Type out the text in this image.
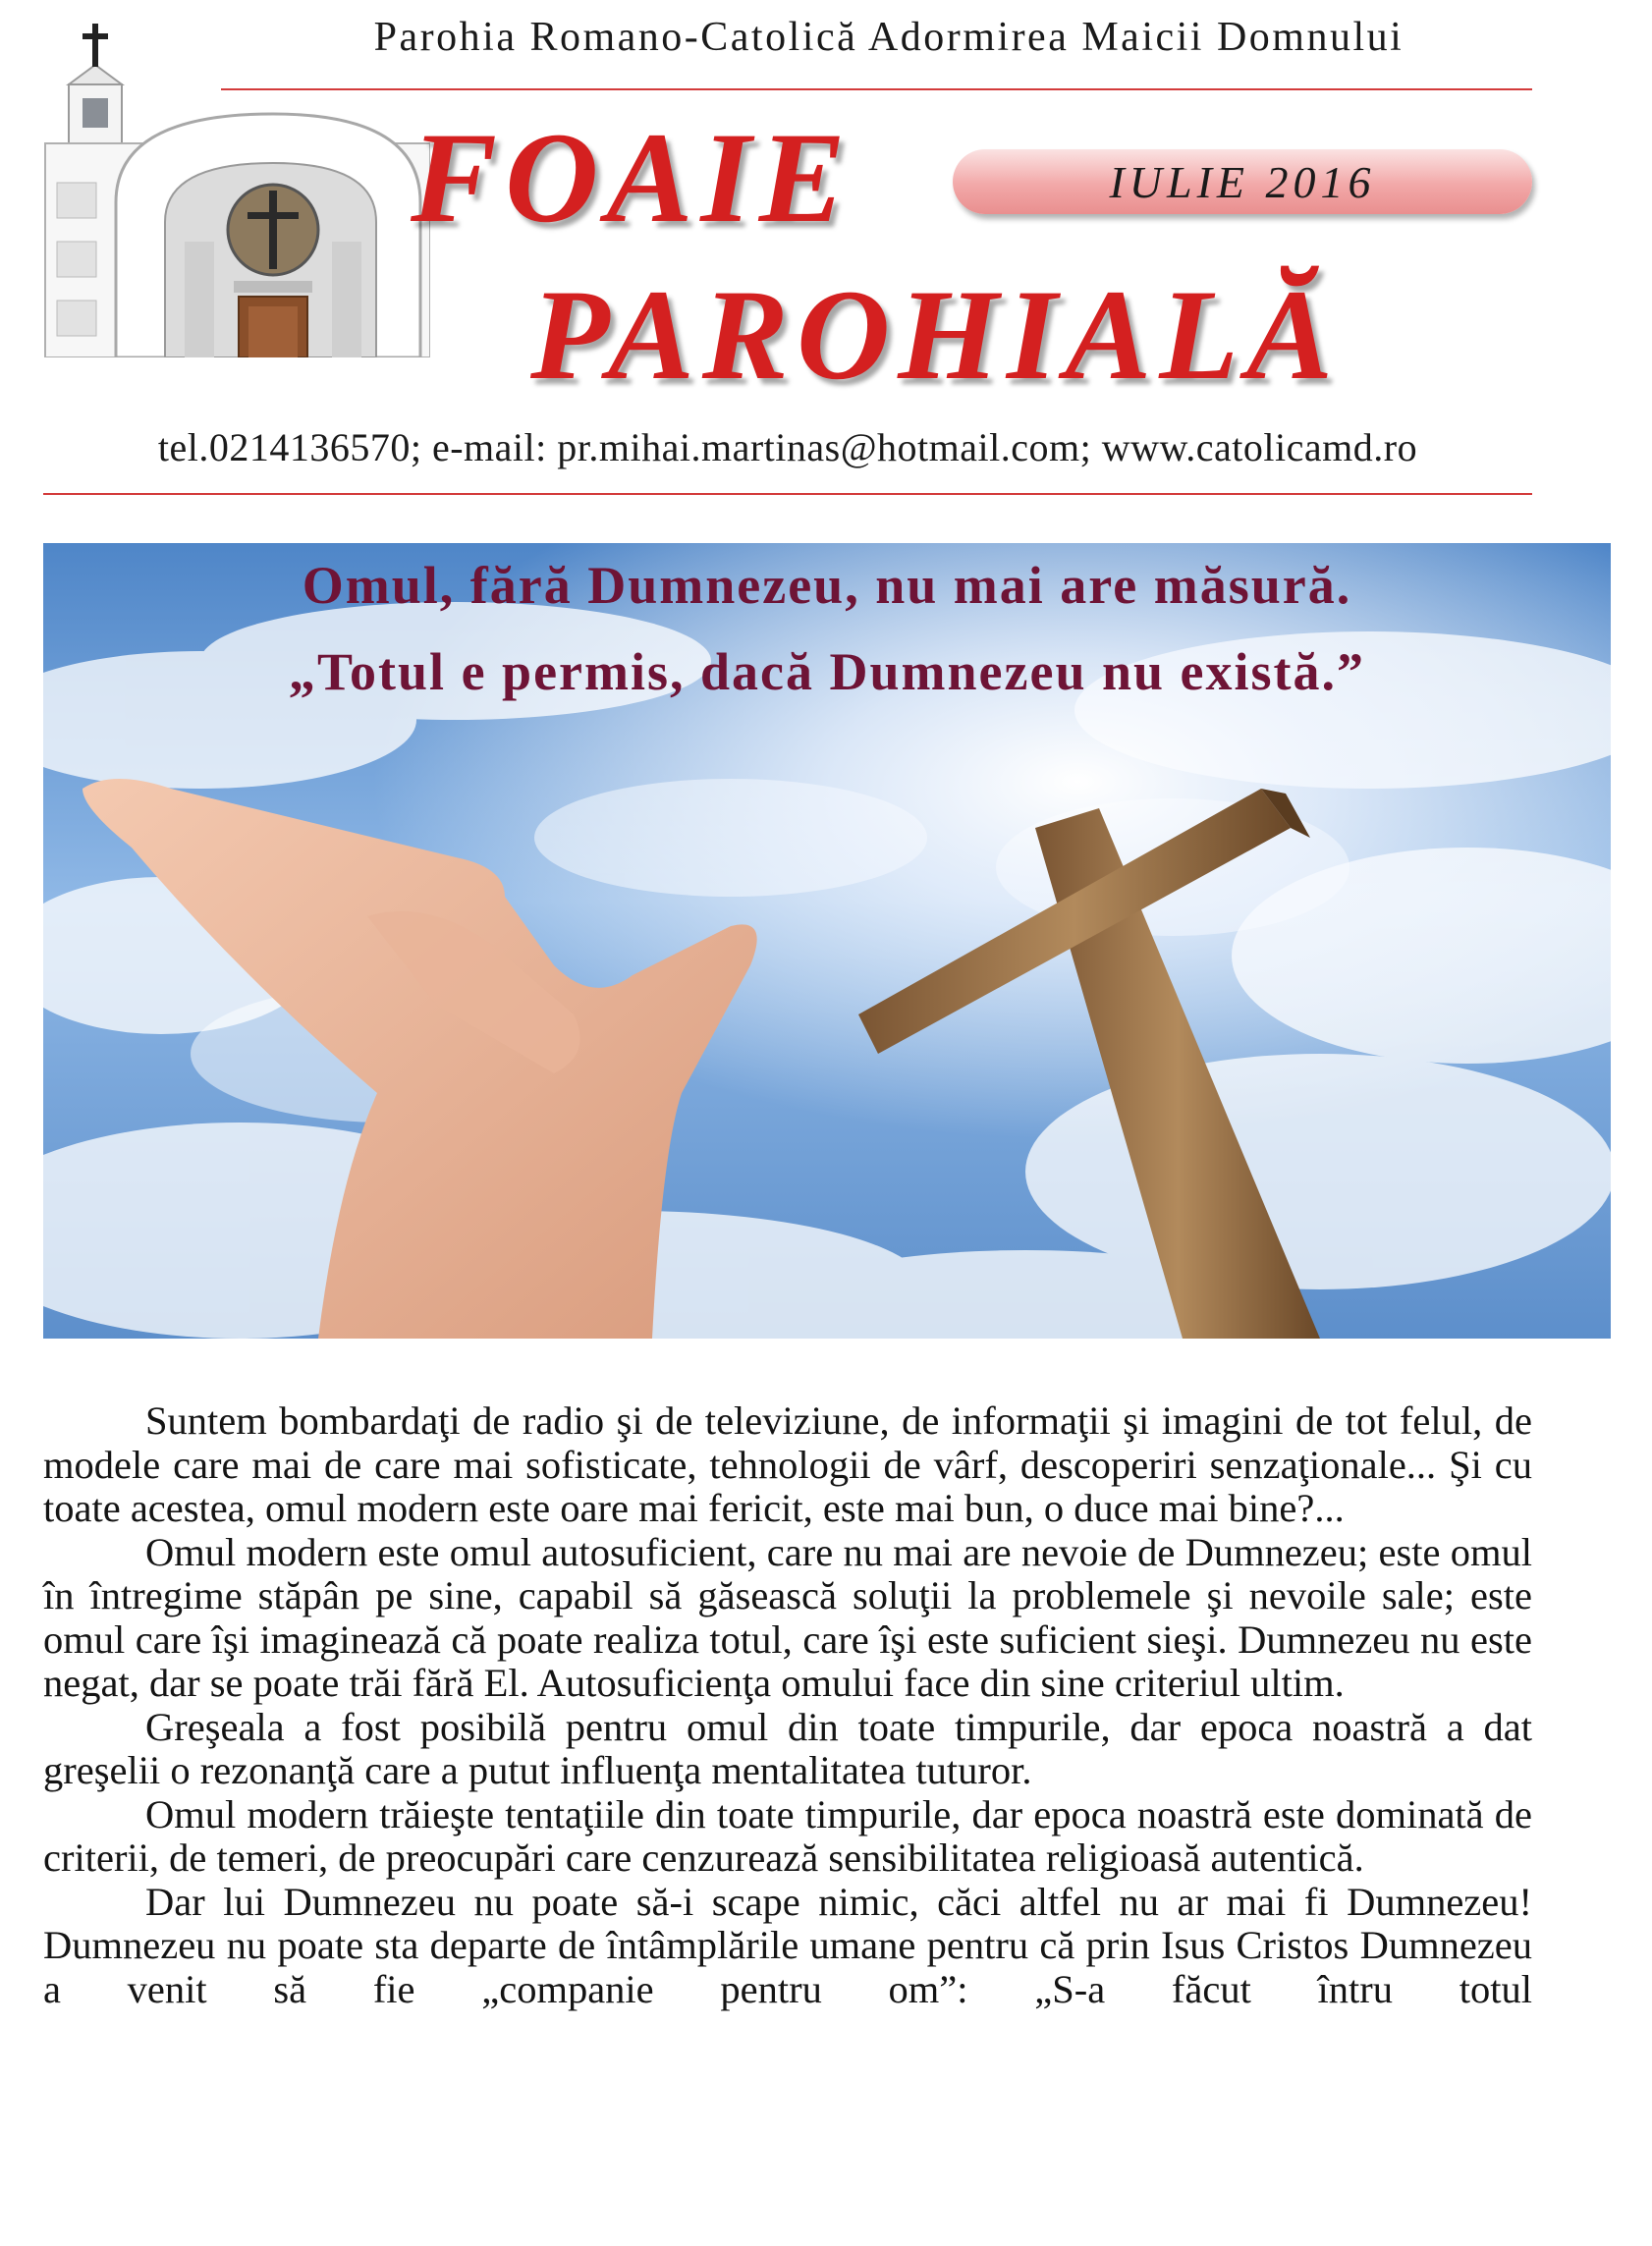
Parohia Romano-Catolică Adormirea Maicii Domnului
FOAIE
PAROHIALĂ
IULIE 2016
tel.0214136570; e-mail: pr.mihai.martinas@hotmail.com; www.catolicamd.ro
Omul, fără Dumnezeu, nu mai are măsură.
„Totul e permis, dacă Dumnezeu nu există.”

Suntem bombardaţi de radio şi de televiziune, de informaţii şi imagini de tot felul, de modele care mai de care mai sofisticate, tehnologii de vârf, descoperiri senzaţionale... Şi cu toate acestea, omul modern este oare mai fericit, este mai bun, o duce mai bine?...

Omul modern este omul autosuficient, care nu mai are nevoie de Dumnezeu; este omul în întregime stăpân pe sine, capabil să găsească soluţii la problemele şi nevoile sale; este omul care îşi imaginează că poate realiza totul, care îşi este suficient sieşi. Dumnezeu nu este negat, dar se poate trăi fără El. Autosuficienţa omului face din sine criteriul ultim.

Greşeala a fost posibilă pentru omul din toate timpurile, dar epoca noastră a dat greşelii o rezonanţă care a putut influenţa mentalitatea tuturor.

Omul modern trăieşte tentaţiile din toate timpurile, dar epoca noastră este dominată de criterii, de temeri, de preocupări care cenzurează sensibilitatea religioasă autentică.

Dar lui Dumnezeu nu poate să-i scape nimic, căci altfel nu ar mai fi Dumnezeu! Dumnezeu nu poate sta departe de întâmplările umane pentru că prin Isus Cristos Dumnezeu a venit să fie „companie pentru om”: „S-a făcut întru totul
